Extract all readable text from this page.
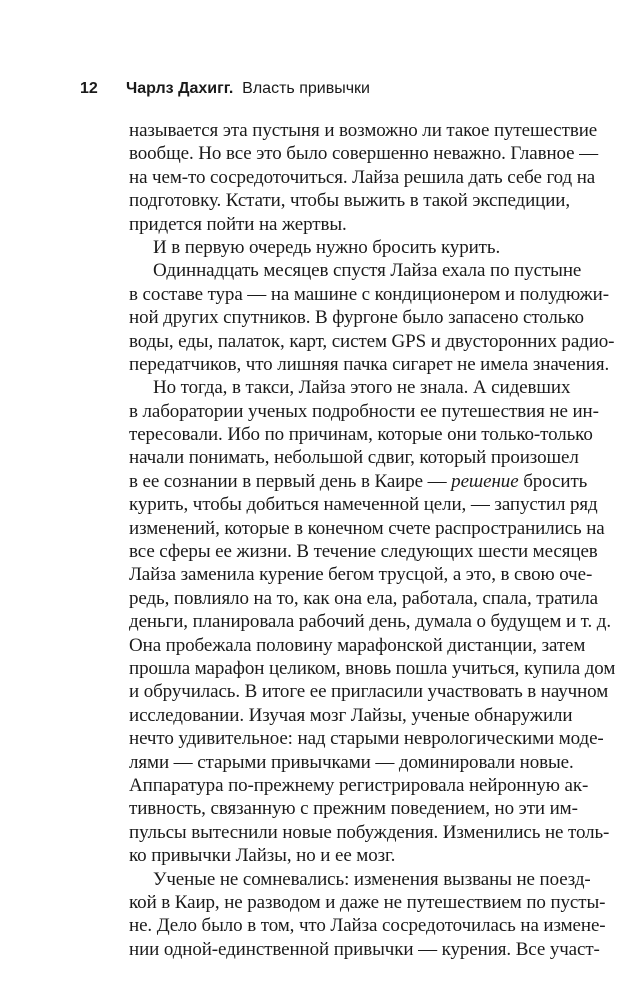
12 Чарлз Дахигг. Власть привычки
называется эта пустыня и возможно ли такое путешествие
вообще. Но все это было совершенно неважно. Главное —
на чем-то сосредоточиться. Лайза решила дать себе год на
подготовку. Кстати, чтобы выжить в такой экспедиции,
придется пойти на жертвы.
И в первую очередь нужно бросить курить.
Одиннадцать месяцев спустя Лайза ехала по пустыне
в составе тура — на машине с кондиционером и полудюжи-
ной других спутников. В фургоне было запасено столько
воды, еды, палаток, карт, систем GPS и двусторонних радио-
передатчиков, что лишняя пачка сигарет не имела значения.
Но тогда, в такси, Лайза этого не знала. А сидевших
в лаборатории ученых подробности ее путешествия не ин-
тересовали. Ибо по причинам, которые они только-только
начали понимать, небольшой сдвиг, который произошел
в ее сознании в первый день в Каире — решение бросить
курить, чтобы добиться намеченной цели, — запустил ряд
изменений, которые в конечном счете распространились на
все сферы ее жизни. В течение следующих шести месяцев
Лайза заменила курение бегом трусцой, а это, в свою оче-
редь, повлияло на то, как она ела, работала, спала, тратила
деньги, планировала рабочий день, думала о будущем и т. д.
Она пробежала половину марафонской дистанции, затем
прошла марафон целиком, вновь пошла учиться, купила дом
и обручилась. В итоге ее пригласили участвовать в научном
исследовании. Изучая мозг Лайзы, ученые обнаружили
нечто удивительное: над старыми неврологическими моде-
лями — старыми привычками — доминировали новые.
Аппаратура по-прежнему регистрировала нейронную ак-
тивность, связанную с прежним поведением, но эти им-
пульсы вытеснили новые побуждения. Изменились не толь-
ко привычки Лайзы, но и ее мозг.
Ученые не сомневались: изменения вызваны не поезд-
кой в Каир, не разводом и даже не путешествием по пусты-
не. Дело было в том, что Лайза сосредоточилась на измене-
нии одной-единственной привычки — курения. Все участ-
